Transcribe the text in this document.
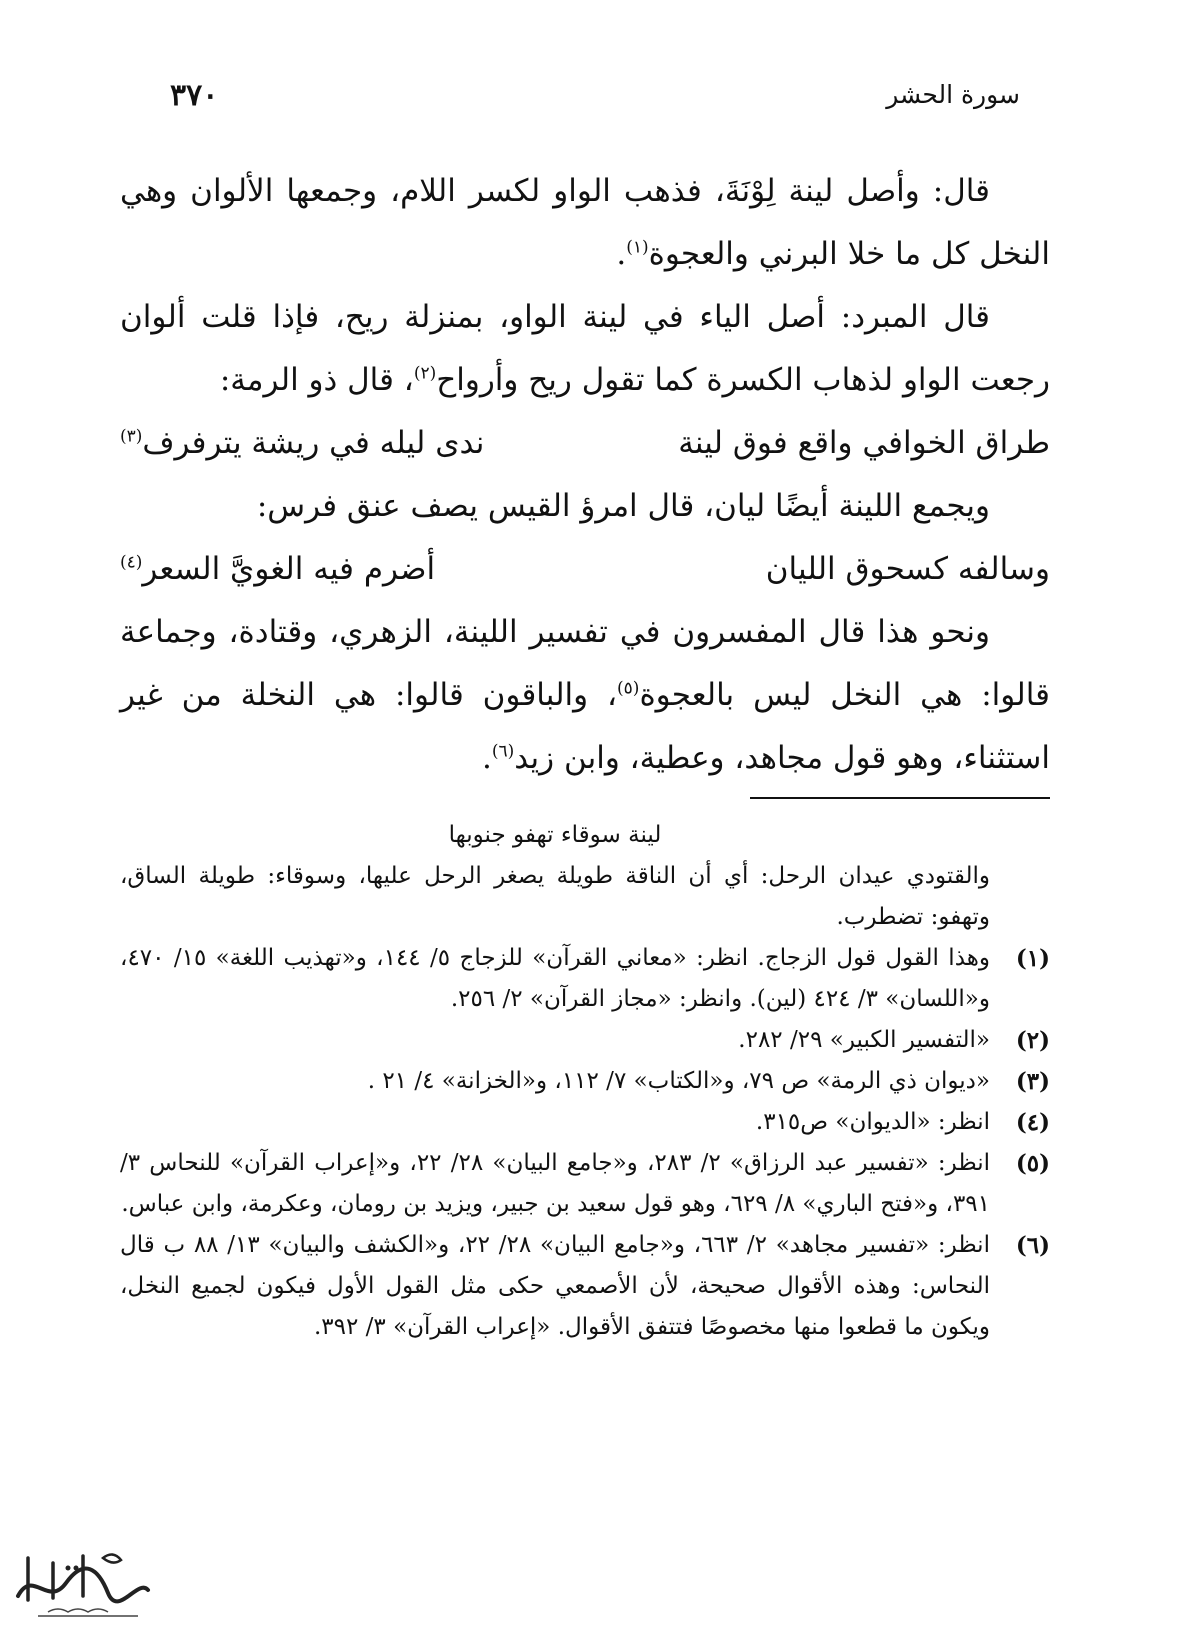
٣٧٠	سورة الحشر

قال: وأصل لينة لِوْنَةَ، فذهب الواو لكسر اللام، وجمعها الألوان وهي النخل كل ما خلا البرني والعجوة$^{(١)}$.

قال المبرد: أصل الياء في لينة الواو، بمنزلة ريح، فإذا قلت ألوان رجعت الواو لذهاب الكسرة كما تقول ريح وأرواح$^{(٢)}$، قال ذو الرمة:

طراق الخوافي واقع فوق لينة
ندى ليله في ريشة يترفرف$^{(٣)}$

ويجمع اللينة أيضًا ليان، قال امرؤ القيس يصف عنق فرس:

وسالفه كسحوق الليان
أضرم فيه الغويَّ السعر$^{(٤)}$

ونحو هذا قال المفسرون في تفسير اللينة، الزهري، وقتادة، وجماعة قالوا: هي النخل ليس بالعجوة$^{(٥)}$، والباقون قالوا: هي النخلة من غير استثناء، وهو قول مجاهد، وعطية، وابن زيد$^{(٦)}$.

لينة سوقاء تهفو جنوبها
والقتودي عيدان الرحل: أي أن الناقة طويلة يصغر الرحل عليها، وسوقاء: طويلة الساق، وتهفو: تضطرب.
(١)
وهذا القول قول الزجاج. انظر: «معاني القرآن» للزجاج ٥/ ١٤٤، و«تهذيب اللغة» ١٥/ ٤٧٠، و«اللسان» ٣/ ٤٢٤ (لين). وانظر: «مجاز القرآن» ٢/ ٢٥٦.
(٢)
«التفسير الكبير» ٢٩/ ٢٨٢.
(٣)
«ديوان ذي الرمة» ص ٧٩، و«الكتاب» ٧/ ١١٢، و«الخزانة» ٤/ ٢١ .
(٤)
انظر: «الديوان» ص٣١٥.
(٥)
انظر: «تفسير عبد الرزاق» ٢/ ٢٨٣، و«جامع البيان» ٢٨/ ٢٢، و«إعراب القرآن» للنحاس ٣/ ٣٩١، و«فتح الباري» ٨/ ٦٢٩، وهو قول سعيد بن جبير، ويزيد بن رومان، وعكرمة، وابن عباس.
(٦)
انظر: «تفسير مجاهد» ٢/ ٦٦٣، و«جامع البيان» ٢٨/ ٢٢، و«الكشف والبيان» ١٣/ ٨٨ ب قال النحاس: وهذه الأقوال صحيحة، لأن الأصمعي حكى مثل القول الأول فيكون لجميع النخل، ويكون ما قطعوا منها مخصوصًا فتتفق الأقوال. «إعراب القرآن» ٣/ ٣٩٢.
